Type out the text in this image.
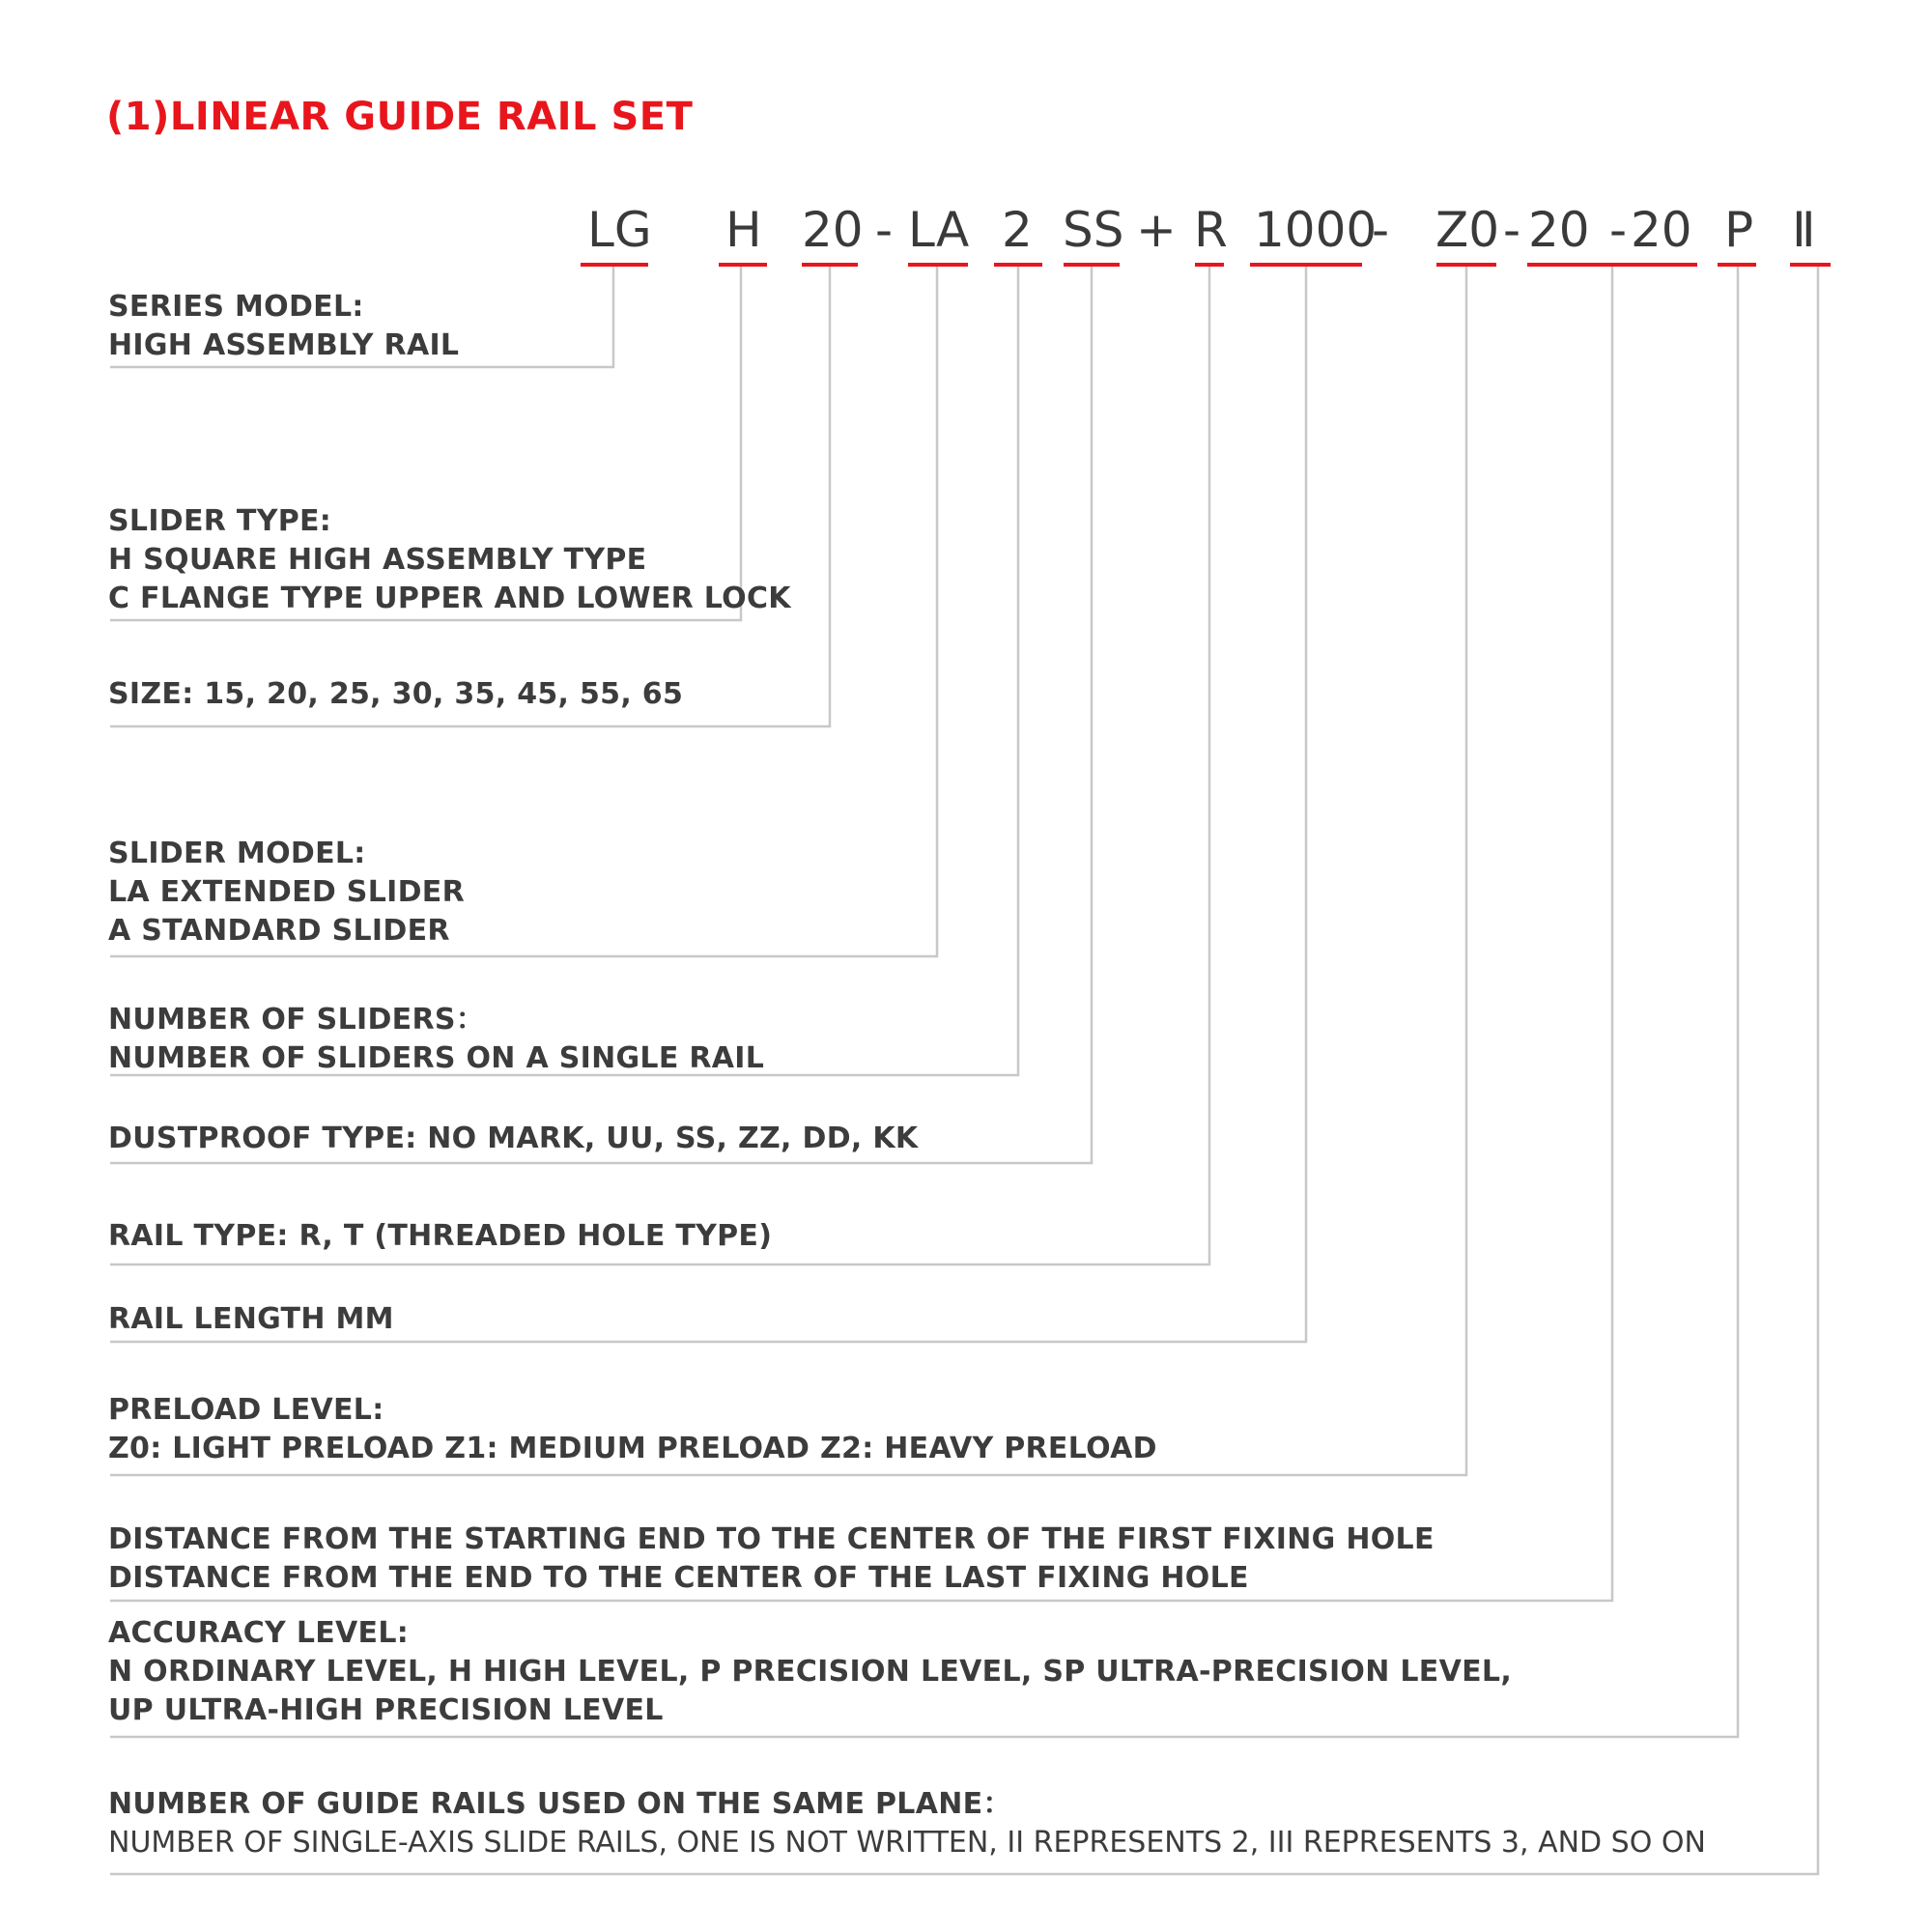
(1)LINEAR GUIDE RAIL SET
LG H 20 - LA 2 SS + R 1000
- Z0 - 20 - 20 P Ⅱ
SERIES MODEL:
HIGH ASSEMBLY RAIL
SLIDER TYPE:
H SQUARE HIGH ASSEMBLY TYPE
C FLANGE TYPE UPPER AND LOWER LOCK
SIZE: 15, 20, 25, 30, 35, 45, 55, 65
SLIDER MODEL:
LA EXTENDED SLIDER
A STANDARD SLIDER
NUMBER OF SLIDERS：
NUMBER OF SLIDERS ON A SINGLE RAIL
DUSTPROOF TYPE: NO MARK, UU, SS, ZZ, DD, KK
RAIL TYPE: R, T (THREADED HOLE TYPE)
RAIL LENGTH MM
PRELOAD LEVEL:
Z0: LIGHT PRELOAD Z1: MEDIUM PRELOAD Z2: HEAVY PRELOAD
DISTANCE FROM THE STARTING END TO THE CENTER OF THE FIRST FIXING HOLE
DISTANCE FROM THE END TO THE CENTER OF THE LAST FIXING HOLE
ACCURACY LEVEL:
N ORDINARY LEVEL, H HIGH LEVEL, P PRECISION LEVEL, SP ULTRA-PRECISION LEVEL,
UP ULTRA-HIGH PRECISION LEVEL
NUMBER OF GUIDE RAILS USED ON THE SAME PLANE：
NUMBER OF SINGLE-AXIS SLIDE RAILS, ONE IS NOT WRITTEN, II REPRESENTS 2, III REPRESENTS 3, AND SO ON
